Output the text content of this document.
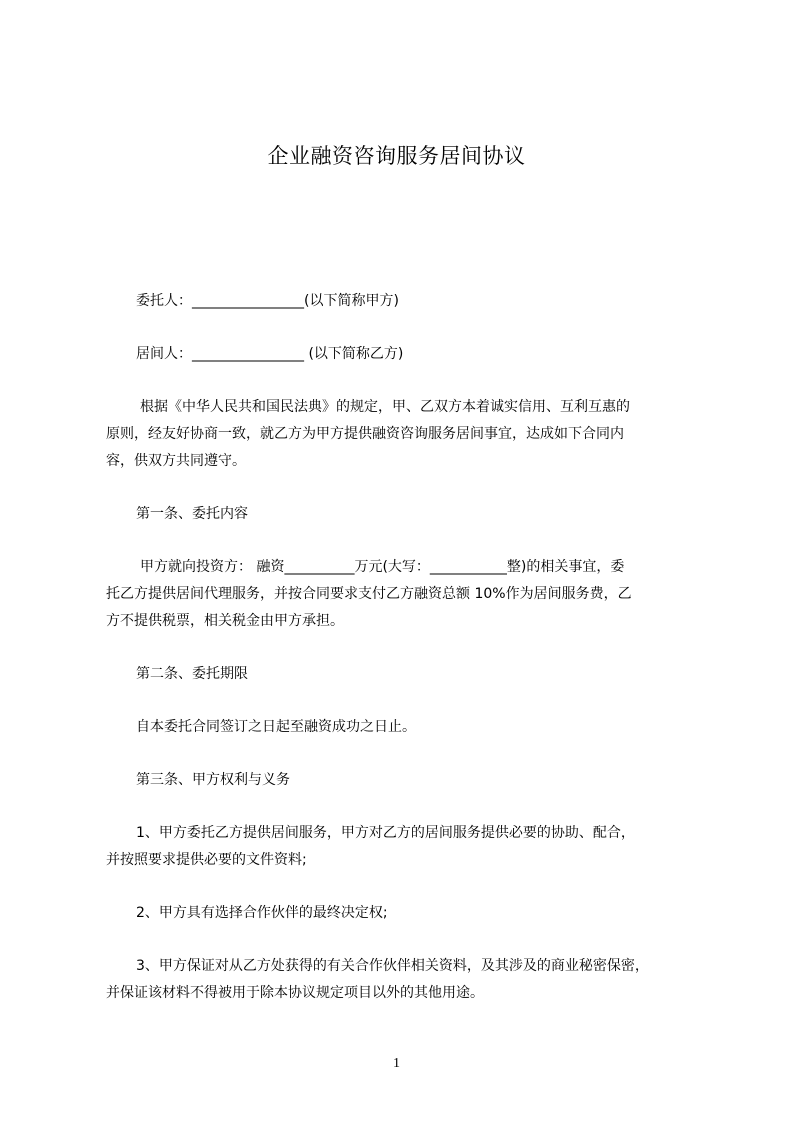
企业融资咨询服务居间协议
委托人：________________(以下简称甲方)
居间人：________________ (以下简称乙方)
根据《中华人民共和国民法典》的规定，甲、乙双方本着诚实信用、互利互惠的
原则，经友好协商一致，就乙方为甲方提供融资咨询服务居间事宜，达成如下合同内
容，供双方共同遵守。
第一条、委托内容
甲方就向投资方： 融资__________万元(大写：___________整)的相关事宜，委
托乙方提供居间代理服务，并按合同要求支付乙方融资总额 10%作为居间服务费，乙
方不提供税票，相关税金由甲方承担。
第二条、委托期限
自本委托合同签订之日起至融资成功之日止。
第三条、甲方权利与义务
1、甲方委托乙方提供居间服务，甲方对乙方的居间服务提供必要的协助、配合，
并按照要求提供必要的文件资料;
2、甲方具有选择合作伙伴的最终决定权;
3、甲方保证对从乙方处获得的有关合作伙伴相关资料，及其涉及的商业秘密保密，
并保证该材料不得被用于除本协议规定项目以外的其他用途。
1
